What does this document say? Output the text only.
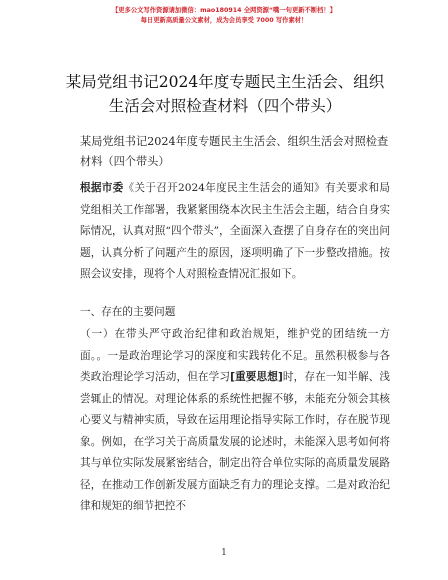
【更多公文写作资源请加微信：mao180914 全网资源“嘴一句更新不断档！】
每日更新高质量公文素材，成为会员享受 7000 写作素材！
某局党组书记2024年度专题民主生活会、组织生活会对照检查材料（四个带头）
某局党组书记2024年度专题民主生活会、组织生活会对照检查材料（四个带头）
根据市委《关于召开2024年度民主生活会的通知》有关要求和局党组相关工作部署，我紧紧围绕本次民主生活会主题，结合自身实际情况，认真对照“四个带头”，全面深入查摆了自身存在的突出问题，认真分析了问题产生的原因，逐项明确了下一步整改措施。按照会议安排，现将个人对照检查情况汇报如下。
一、存在的主要问题
（一）在带头严守政治纪律和政治规矩，维护党的团结统一方面。。一是政治理论学习的深度和实践转化不足。虽然积极参与各类政治理论学习活动，但在学习[重要思想]时，存在一知半解、浅尝辄止的情况。对理论体系的系统性把握不够，未能充分领会其核心要义与精神实质，导致在运用理论指导实际工作时，存在脱节现象。例如，在学习关于高质量发展的论述时，未能深入思考如何将其与单位实际发展紧密结合，制定出符合单位实际的高质量发展路径，在推动工作创新发展方面缺乏有力的理论支撑。二是对政治纪律和规矩的细节把控不
1
